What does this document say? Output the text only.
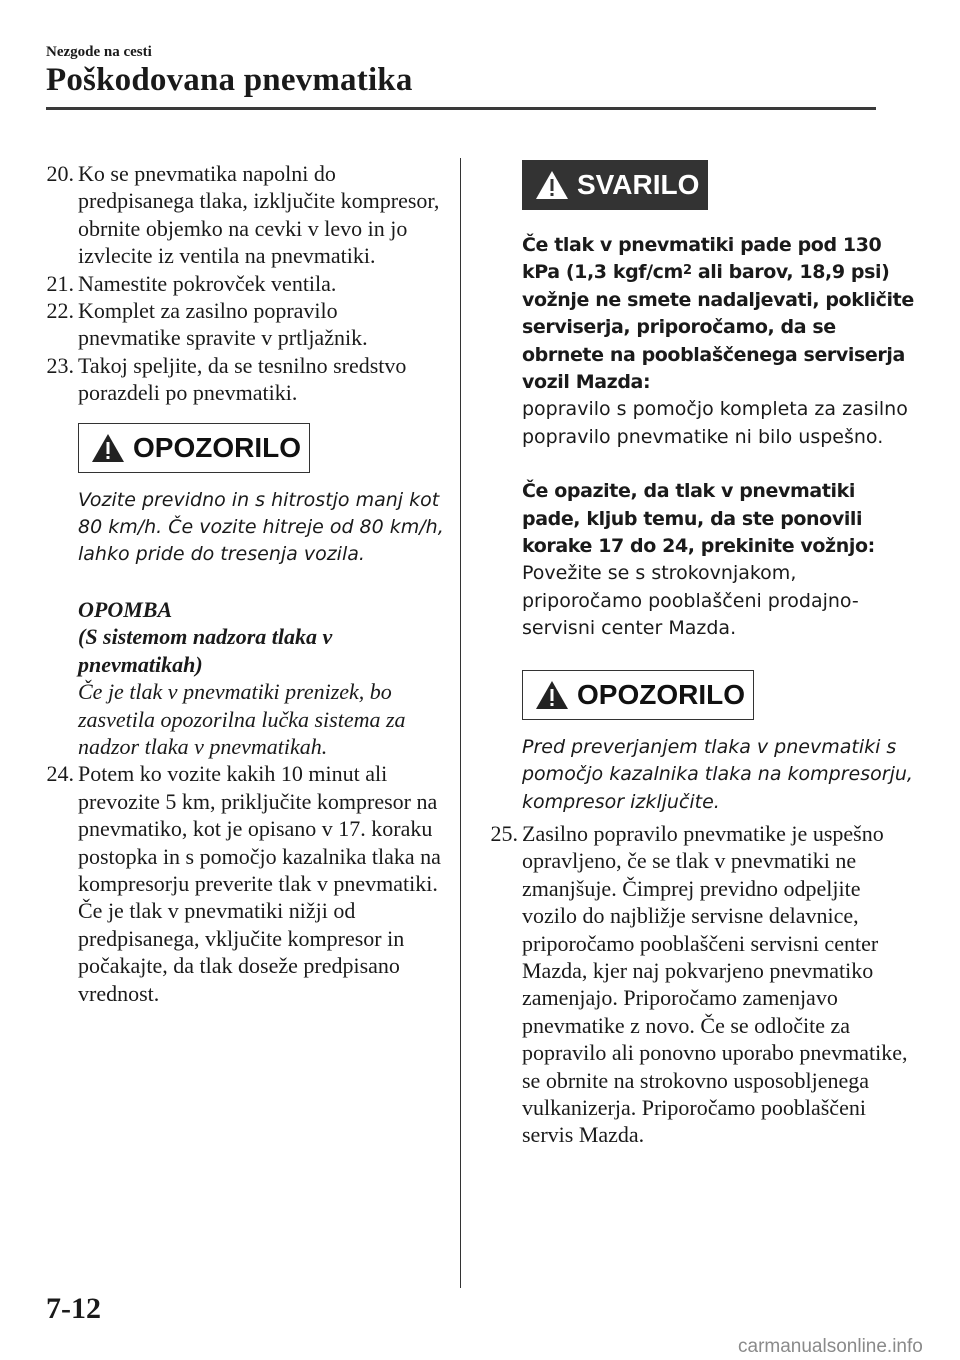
Nezgode na cesti
Poškodovana pnevmatika
20. Ko se pnevmatika napolni do predpisanega tlaka, izključite kompresor, obrnite objemko na cevki v levo in jo izvlecite iz ventila na pnevmatiki.
21. Namestite pokrovček ventila.
22. Komplet za zasilno popravilo pnevmatike spravite v prtljažnik.
23. Takoj speljite, da se tesnilno sredstvo porazdeli po pnevmatiki.
OPOZORILO
Vozite previdno in s hitrostjo manj kot 80 km/h. Če vozite hitreje od 80 km/h, lahko pride do tresenja vozila.
OPOMBA
(S sistemom nadzora tlaka v pnevmatikah)
Če je tlak v pnevmatiki prenizek, bo zasvetila opozorilna lučka sistema za nadzor tlaka v pnevmatikah.
24. Potem ko vozite kakih 10 minut ali prevozite 5 km, priključite kompresor na pnevmatiko, kot je opisano v 17. koraku postopka in s pomočjo kazalnika tlaka na kompresorju preverite tlak v pnevmatiki. Če je tlak v pnevmatiki nižji od predpisanega, vključite kompresor in počakajte, da tlak doseže predpisano vrednost.
SVARILO
Če tlak v pnevmatiki pade pod 130 kPa (1,3 kgf/$cm^2$ ali barov, 18,9 psi) vožnje ne smete nadaljevati, pokličite serviserja, priporočamo, da se obrnete na pooblaščenega serviserja vozil Mazda:
popravilo s pomočjo kompleta za zasilno popravilo pnevmatike ni bilo uspešno.
Če opazite, da tlak v pnevmatiki pade, kljub temu, da ste ponovili korake 17 do 24, prekinite vožnjo:
Povežite se s strokovnjakom, priporočamo pooblaščeni prodajno-servisni center Mazda.
OPOZORILO
Pred preverjanjem tlaka v pnevmatiki s pomočjo kazalnika tlaka na kompresorju, kompresor izključite.
25. Zasilno popravilo pnevmatike je uspešno opravljeno, če se tlak v pnevmatiki ne zmanjšuje. Čimprej previdno odpeljite vozilo do najbližje servisne delavnice, priporočamo pooblaščeni servisni center Mazda, kjer naj pokvarjeno pnevmatiko zamenjajo. Priporočamo zamenjavo pnevmatike z novo. Če se odločite za popravilo ali ponovno uporabo pnevmatike, se obrnite na strokovno usposobljenega vulkanizerja. Priporočamo pooblaščeni servis Mazda.
7-12
carmanualsonline.info
